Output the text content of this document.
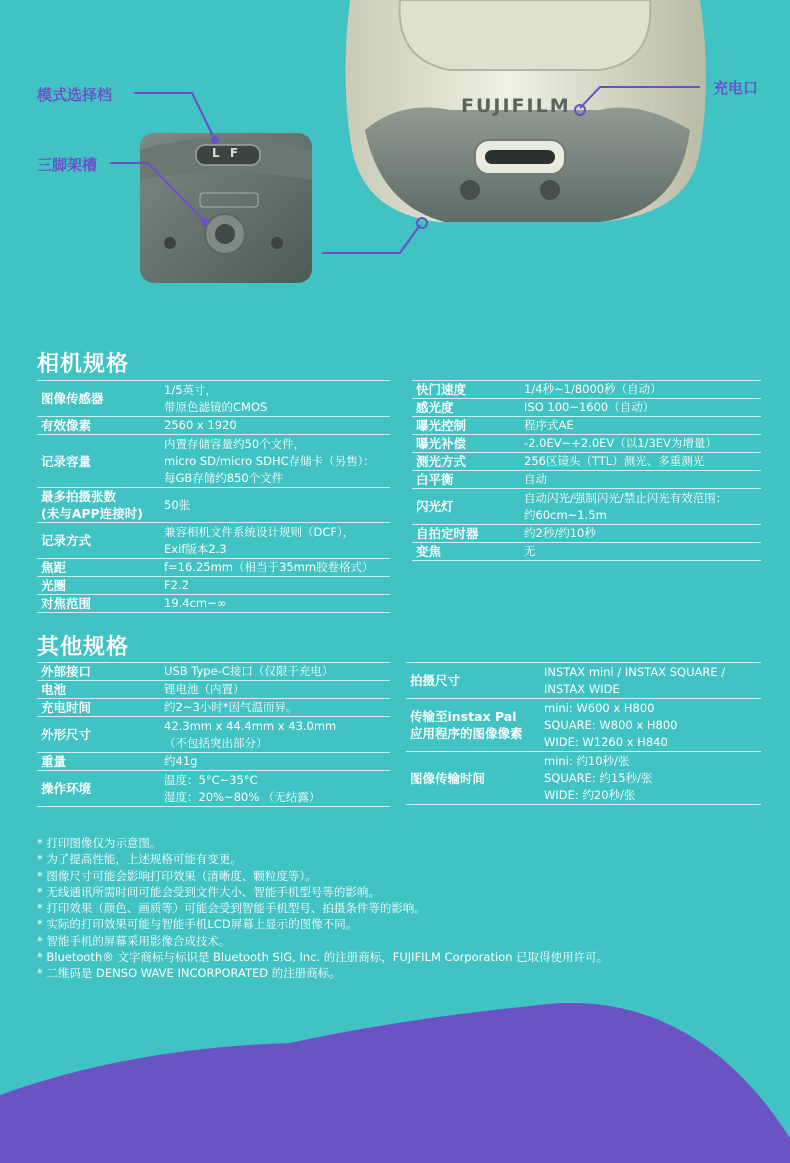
FUJIFILM
L F
模式选择档
三脚架槽
充电口
相机规格
图像传感器	1/5英寸，
带原色滤镜的CMOS

有效像素	2560 x 1920

记录容量	内置存储容量约50个文件，
micro SD/micro SDHC存储卡（另售）：
每GB存储约850个文件

最多拍摄张数
(未与APP连接时)	50张

记录方式	兼容相机文件系统设计规则（DCF），
Exif版本2.3

焦距	f=16.25mm（相当于35mm胶卷格式）

光圈	F2.2

对焦范围	19.4cm~∞
快门速度	1/4秒~1/8000秒（自动）

感光度	ISO 100~1600（自动）

曝光控制	程序式AE

曝光补偿	-2.0EV~+2.0EV（以1/3EV为增量）

测光方式	256区镜头（TTL）测光、多重测光

白平衡	自动

闪光灯	自动闪光/强制闪光/禁止闪光有效范围：
约60cm~1.5m

自拍定时器	约2秒/约10秒

变焦	无
其他规格
外部接口	USB Type-C接口（仅限于充电）

电池	锂电池（内置）

充电时间	约2~3小时*因气温而异。

外形尺寸	42.3mm x 44.4mm x 43.0mm
（不包括突出部分）

重量	约41g

操作环境	温度：5°C~35°C
湿度：20%~80% （无结露）
拍摄尺寸	INSTAX mini / INSTAX SQUARE /
INSTAX WIDE

传输至instax Pal
应用程序的图像像素	mini: W600 x H800
SQUARE: W800 x H800
WIDE: W1260 x H840

图像传输时间	mini: 约10秒/张
SQUARE: 约15秒/张
WIDE: 约20秒/张
* 打印图像仅为示意图。
* 为了提高性能，上述规格可能有变更。
* 图像尺寸可能会影响打印效果（清晰度、颗粒度等）。
* 无线通讯所需时间可能会受到文件大小、智能手机型号等的影响。
* 打印效果（颜色、画质等）可能会受到智能手机型号、拍摄条件等的影响。
* 实际的打印效果可能与智能手机LCD屏幕上显示的图像不同。
* 智能手机的屏幕采用影像合成技术。
* Bluetooth® 文字商标与标识是 Bluetooth SIG, Inc. 的注册商标，FUJIFILM Corporation 已取得使用许可。
* 二维码是 DENSO WAVE INCORPORATED 的注册商标。
